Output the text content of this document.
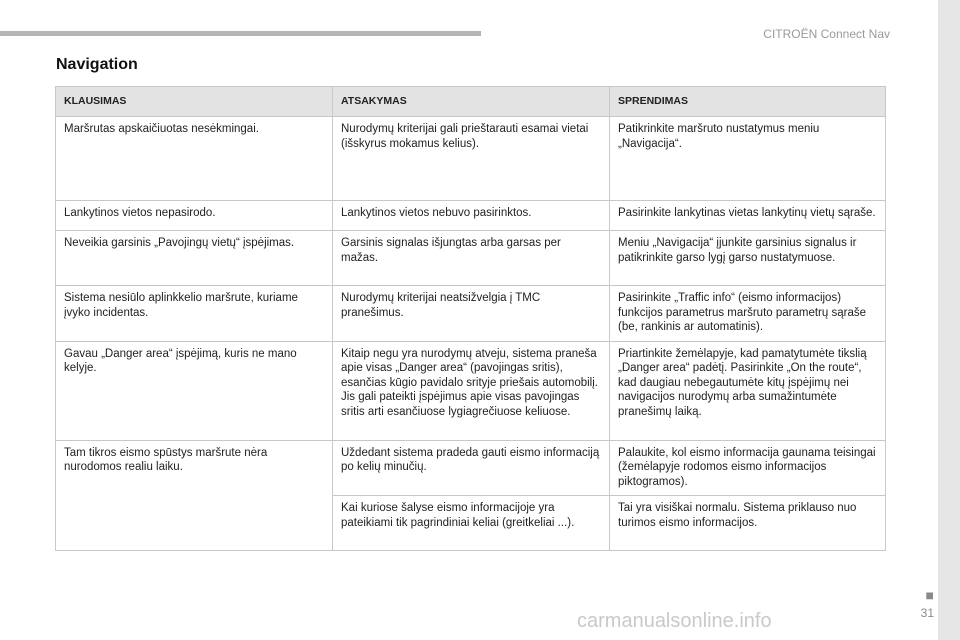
CITROËN Connect Nav
Navigation
KLAUSIMAS	ATSAKYMAS	SPRENDIMAS
Maršrutas apskaičiuotas nesėkmingai.	Nurodymų kriterijai gali prieštarauti esamai vietai (išskyrus mokamus kelius).	Patikrinkite maršruto nustatymus meniu „Navigacija“.
Lankytinos vietos nepasirodo.	Lankytinos vietos nebuvo pasirinktos.	Pasirinkite lankytinas vietas lankytinų vietų sąraše.
Neveikia garsinis „Pavojingų vietų“ įspėjimas.	Garsinis signalas išjungtas arba garsas per mažas.	Meniu „Navigacija“ įjunkite garsinius signalus ir patikrinkite garso lygį garso nustatymuose.
Sistema nesiūlo aplinkkelio maršrute, kuriame įvyko incidentas.	Nurodymų kriterijai neatsižvelgia į TMC pranešimus.	Pasirinkite „Traffic info“ (eismo informacijos) funkcijos parametrus maršruto parametrų sąraše (be, rankinis ar automatinis).
Gavau „Danger area“ įspėjimą, kuris ne mano kelyje.	Kitaip negu yra nurodymų atveju, sistema praneša apie visas „Danger area“ (pavojingas sritis), esančias kūgio pavidalo srityje priešais automobilį. Jis gali pateikti įspėjimus apie visas pavojingas sritis arti esančiuose lygiagrečiuose keliuose.	Priartinkite žemėlapyje, kad pamatytumėte tikslią „Danger area“ padėtį. Pasirinkite „On the route“, kad daugiau nebegautumėte kitų įspėjimų nei navigacijos nurodymų arba sumažintumėte pranešimų laiką.
Tam tikros eismo spūstys maršrute nėra nurodomos realiu laiku.	Uždedant sistema pradeda gauti eismo informaciją po kelių minučių.	Palaukite, kol eismo informacija gaunama teisingai (žemėlapyje rodomos eismo informacijos piktogramos).
	Kai kuriose šalyse eismo informacijoje yra pateikiami tik pagrindiniai keliai (greitkeliai ...).	Tai yra visiškai normalu. Sistema priklauso nuo turimos eismo informacijos.
■
31
carmanualsonline.info
